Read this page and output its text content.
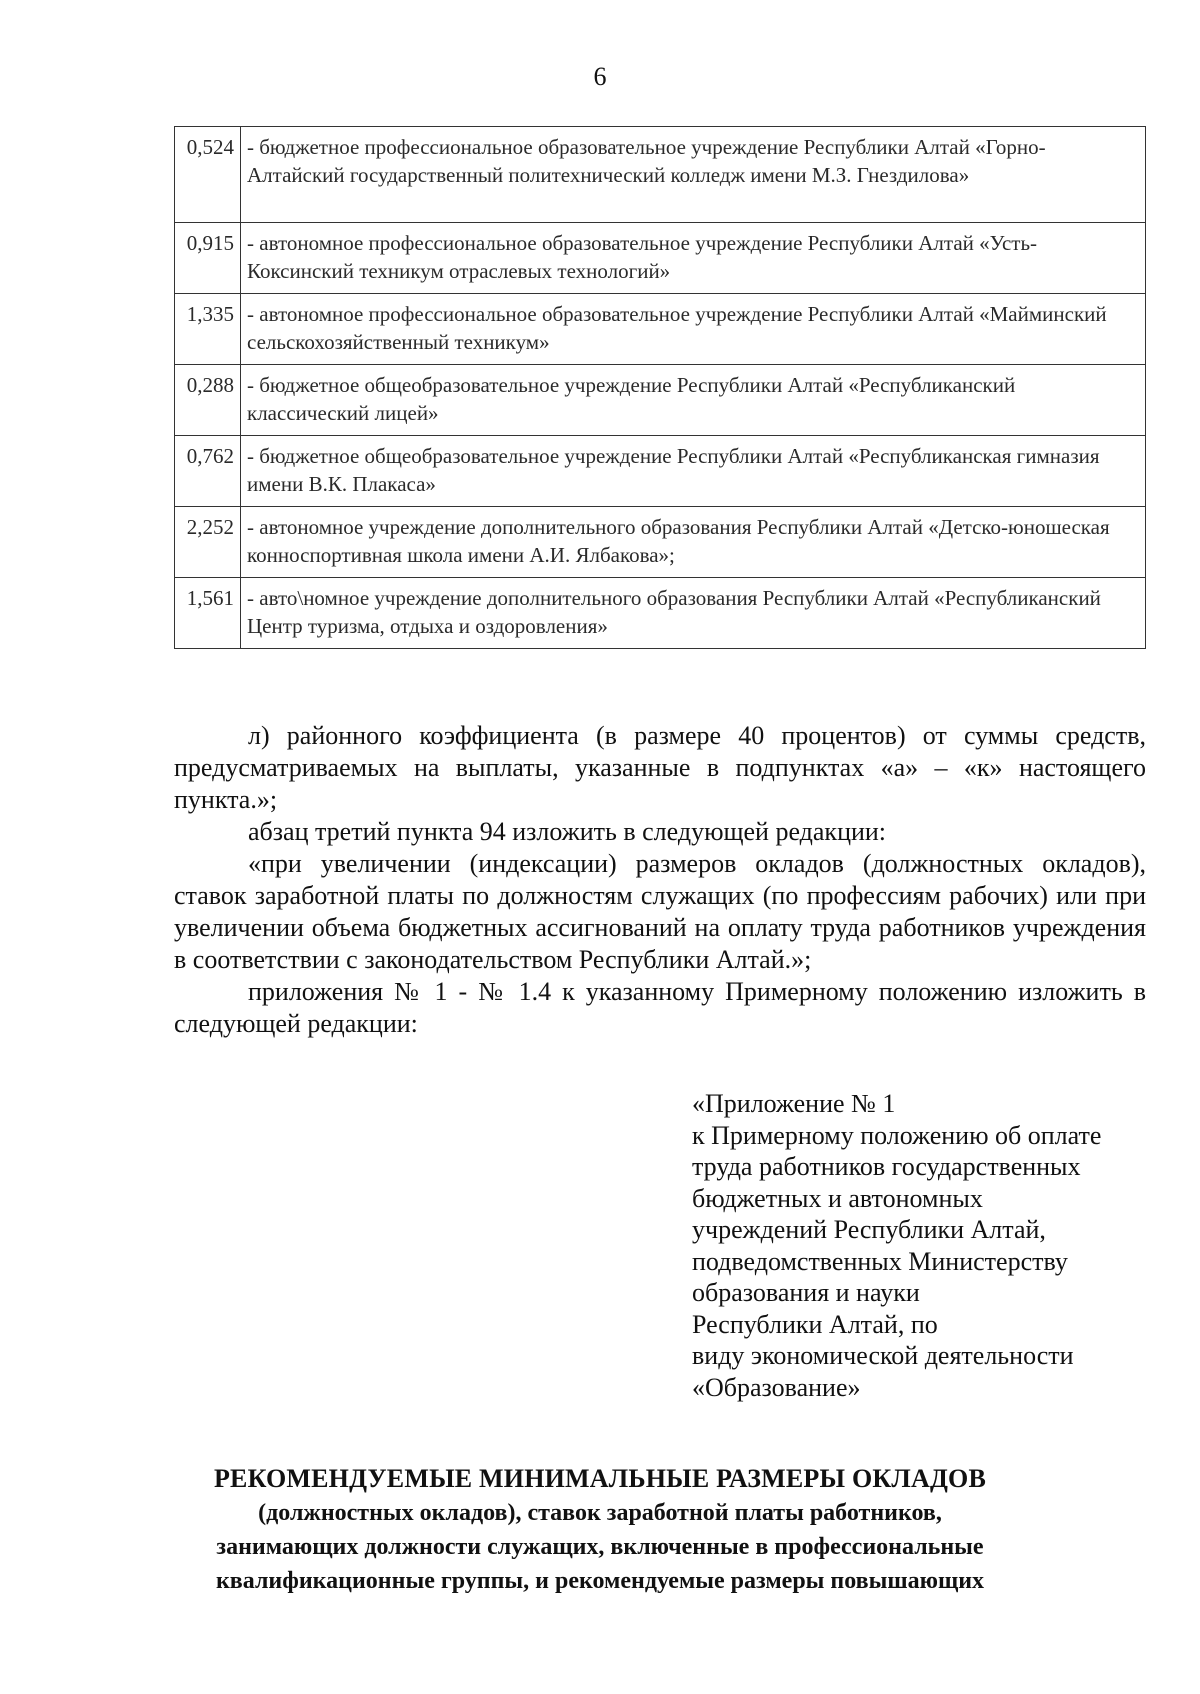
6
0,524	- бюджетное профессиональное образовательное учреждение Республики Алтай «Горно-Алтайский государственный политехнический колледж имени М.З. Гнездилова»
0,915	- автономное профессиональное образовательное учреждение Республики Алтай «Усть-Коксинский техникум отраслевых технологий»
1,335	- автономное профессиональное образовательное учреждение Республики Алтай «Майминский сельскохозяйственный техникум»
0,288	- бюджетное общеобразовательное учреждение Республики Алтай «Республиканский классический лицей»
0,762	- бюджетное общеобразовательное учреждение Республики Алтай «Республиканская гимназия имени В.К. Плакаса»
2,252	- автономное учреждение дополнительного образования Республики Алтай «Детско-юношеская конноспортивная школа имени А.И. Ялбакова»;
1,561	- авто\номное учреждение дополнительного образования Республики Алтай «Республиканский Центр туризма, отдыха и оздоровления»

л) районного коэффициента (в размере 40 процентов) от суммы средств, предусматриваемых на выплаты, указанные в подпунктах «а» – «к» настоящего пункта.»;

абзац третий пункта 94 изложить в следующей редакции:

«при увеличении (индексации) размеров окладов (должностных окладов), ставок заработной платы по должностям служащих (по профессиям рабочих) или при увеличении объема бюджетных ассигнований на оплату труда работников учреждения в соответствии с законодательством Республики Алтай.»;

приложения № 1 - № 1.4 к указанному Примерному положению изложить в следующей редакции:

«Приложение № 1
к Примерному положению об оплате
труда работников государственных
бюджетных и автономных
учреждений Республики Алтай,
подведомственных Министерству
образования и науки
Республики Алтай, по
виду экономической деятельности
«Образование»
РЕКОМЕНДУЕМЫЕ МИНИМАЛЬНЫЕ РАЗМЕРЫ ОКЛАДОВ
(должностных окладов), ставок заработной платы работников,
занимающих должности служащих, включенные в профессиональные
квалификационные группы, и рекомендуемые размеры повышающих
